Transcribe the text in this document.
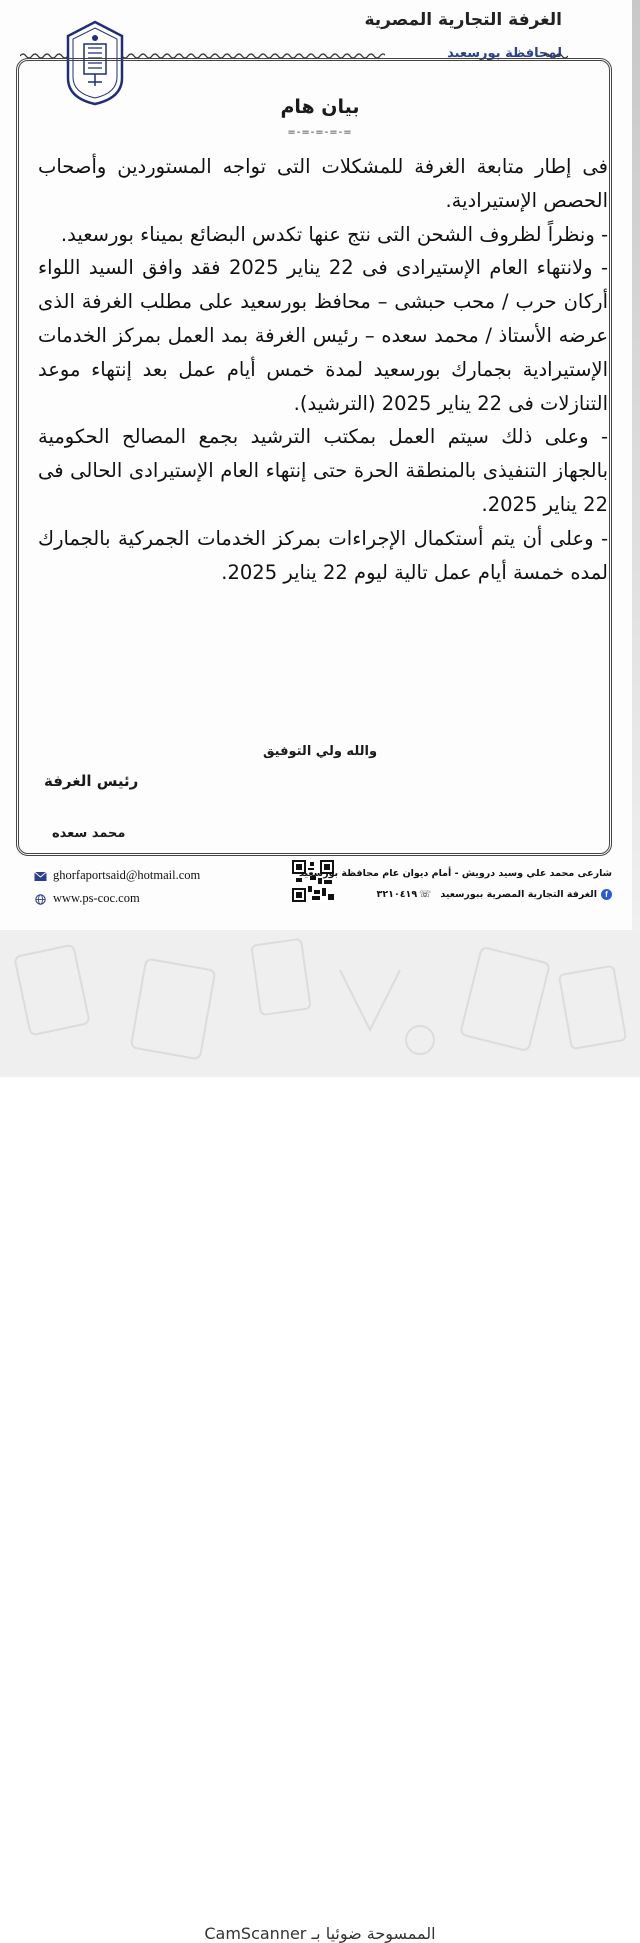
الغرفة التجارية المصرية
لمحافظة بورسعيد
بيان هام
=-=-=-=-=
فى إطار متابعة الغرفة للمشكلات التى تواجه المستوردين وأصحاب الحصص الإستيرادية.
- ونظراً لظروف الشحن التى نتج عنها تكدس البضائع بميناء بورسعيد.
- ولانتهاء العام الإستيرادى فى 22 يناير 2025 فقد وافق السيد اللواء أركان حرب / محب حبشى – محافظ بورسعيد على مطلب الغرفة الذى عرضه الأستاذ / محمد سعده – رئيس الغرفة بمد العمل بمركز الخدمات الإستيرادية بجمارك بورسعيد لمدة خمس أيام عمل بعد إنتهاء موعد التنازلات فى 22 يناير 2025 (الترشيد).
- وعلى ذلك سيتم العمل بمكتب الترشيد بجمع المصالح الحكومية بالجهاز التنفيذى بالمنطقة الحرة حتى إنتهاء العام الإستيرادى الحالى فى 22 يناير 2025.
- وعلى أن يتم أستكمال الإجراءات بمركز الخدمات الجمركية بالجمارك لمده خمسة أيام عمل تالية ليوم 22 يناير 2025.
والله ولي التوفيق
رئيس الغرفة
محمد سعده
ghorfaportsaid@hotmail.com
www.ps-coc.com
شارعى محمد علي وسيد درويش - أمام ديوان عام محافظة بورسعيد
fالغرفة التجارية المصرية ببورسعيد ☏٣٢١٠٤١٩
الممسوحة ضوئيا بـ CamScanner
